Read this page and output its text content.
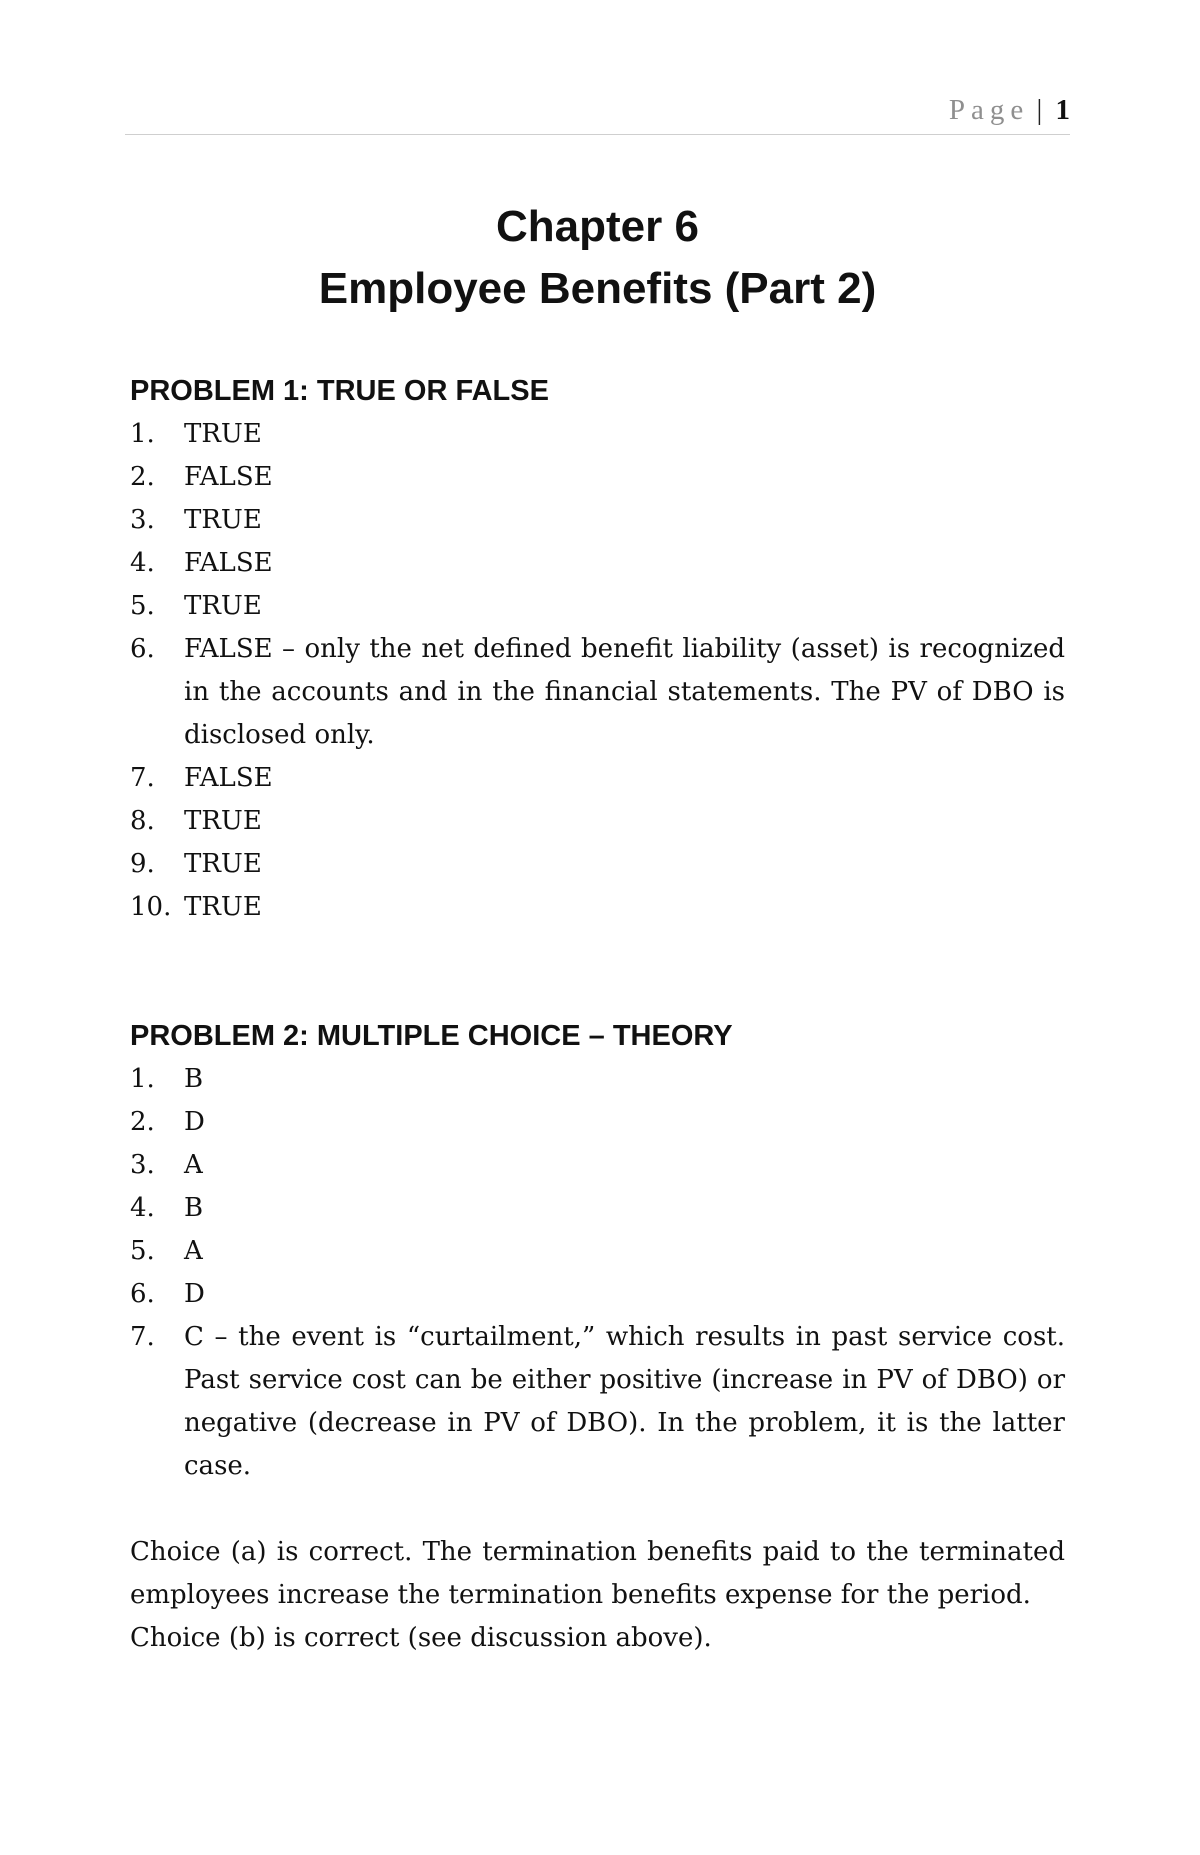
Page | 1
Chapter 6
Employee Benefits (Part 2)
PROBLEM 1: TRUE OR FALSE
1.	TRUE
2.	FALSE
3.	TRUE
4.	FALSE
5.	TRUE
6.	FALSE – only the net defined benefit liability (asset) is recognized in the accounts and in the financial statements. The PV of DBO is disclosed only.
7.	FALSE
8.	TRUE
9.	TRUE
10. TRUE
PROBLEM 2: MULTIPLE CHOICE – THEORY
1.	B
2.	D
3.	A
4.	B
5.	A
6.	D
7.	C – the event is “curtailment,” which results in past service cost. Past service cost can be either positive (increase in PV of DBO) or negative (decrease in PV of DBO). In the problem, it is the latter case.

Choice (a) is correct. The termination benefits paid to the terminated employees increase the termination benefits expense for the period.

Choice (b) is correct (see discussion above).
